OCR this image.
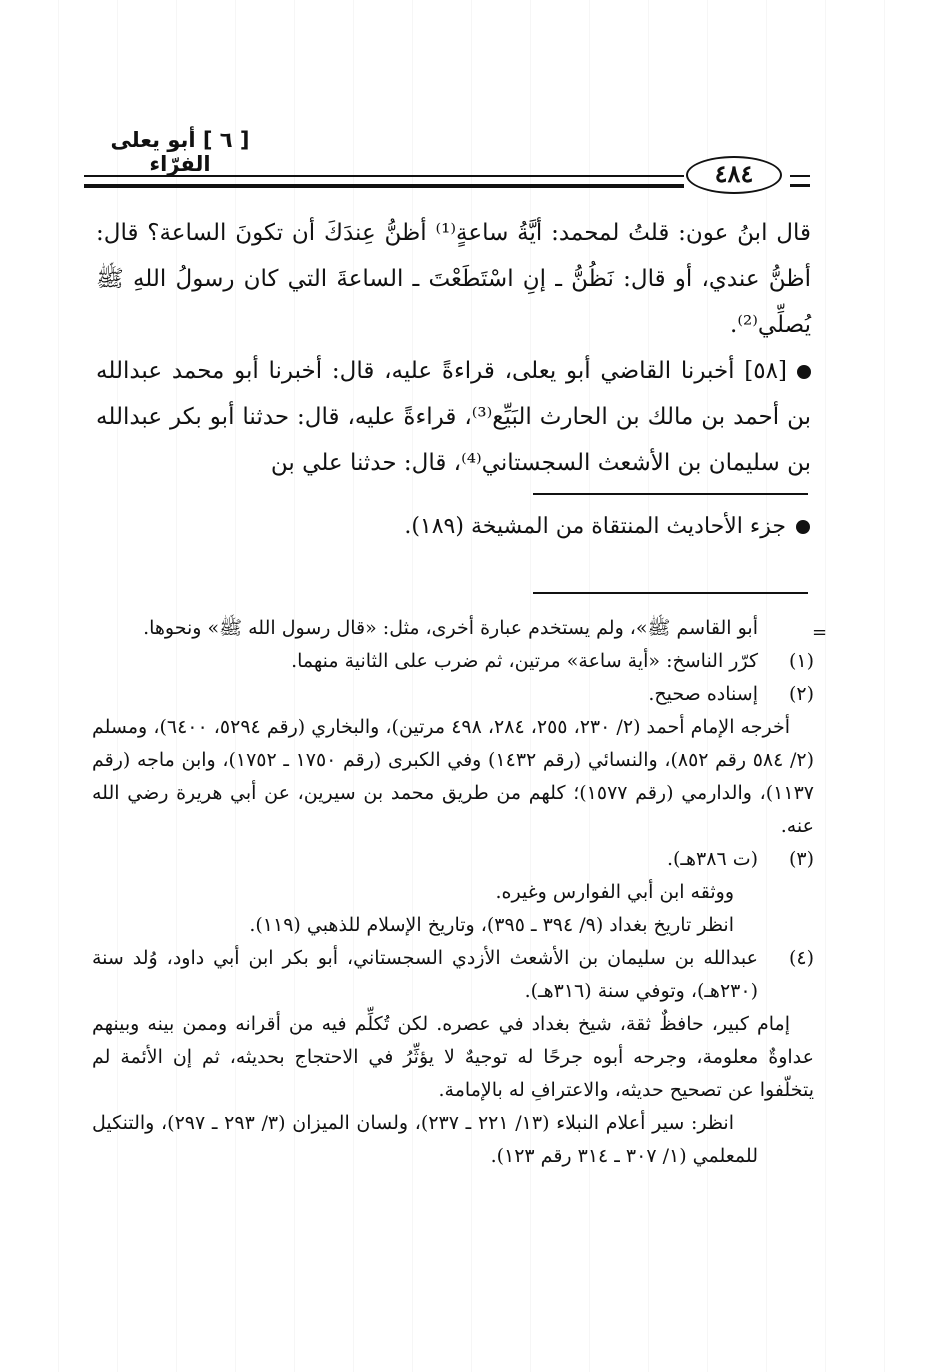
[ ٦ ] أبو يعلى الفرّاء	٤٨٤

قال ابنُ عون: قلتُ لمحمد: أيَّةُ ساعةٍ⁽¹⁾ أظنُّ عِندَكَ أن تكونَ الساعة؟ قال: أظنُّ عندي، أو قال: نَظُنُّ ـ إنِ اسْتَطَعْتَ ـ الساعةَ التي كان رسولُ اللهِ ﷺ يُصلِّي⁽²⁾.

[٥٨] أخبرنا القاضي أبو يعلى، قراءةً عليه، قال: أخبرنا أبو محمد عبدالله بن أحمد بن مالك بن الحارث البَيِّع⁽³⁾، قراءةً عليه، قال: حدثنا أبو بكر عبدالله بن سليمان بن الأشعث السجستاني⁽⁴⁾، قال: حدثنا علي بن

جزء الأحاديث المنتقاة من المشيخة (١٨٩).
=
أبو القاسم ﷺ»، ولم يستخدم عبارة أخرى، مثل: «قال رسول الله ﷺ» ونحوها.
(١)
كرّر الناسخ: «أية ساعة» مرتين، ثم ضرب على الثانية منهما.
(٢)
إسناده صحيح.
أخرجه الإمام أحمد (٢/ ٢٣٠، ٢٥٥، ٢٨٤، ٤٩٨ مرتين)، والبخاري (رقم ٥٢٩٤، ٦٤٠٠)، ومسلم (٢/ ٥٨٤ رقم ٨٥٢)، والنسائي (رقم ١٤٣٢) وفي الكبرى (رقم ١٧٥٠ ـ ١٧٥٢)، وابن ماجه (رقم ١١٣٧)، والدارمي (رقم ١٥٧٧)؛ كلهم من طريق محمد بن سيرين، عن أبي هريرة رضي الله عنه.
(٣)
(ت ٣٨٦هـ).
ووثقه ابن أبي الفوارس وغيره.
انظر تاريخ بغداد (٩/ ٣٩٤ ـ ٣٩٥)، وتاريخ الإسلام للذهبي (١١٩).
(٤)
عبدالله بن سليمان بن الأشعث الأزدي السجستاني، أبو بكر ابن أبي داود، وُلد سنة (٢٣٠هـ)، وتوفي سنة (٣١٦هـ).
إمام كبير، حافظٌ ثقة، شيخ بغداد في عصره. لكن تُكلِّم فيه من أقرانه وممن بينه وبينهم عداوةٌ معلومة، وجرحه أبوه جرحًا له توجيهٌ لا يؤثِّرُ في الاحتجاج بحديثه، ثم إن الأئمة لم يتخلّفوا عن تصحيح حديثه، والاعترافِ له بالإمامة.
انظر: سير أعلام النبلاء (١٣/ ٢٢١ ـ ٢٣٧)، ولسان الميزان (٣/ ٢٩٣ ـ ٢٩٧)، والتنكيل للمعلمي (١/ ٣٠٧ ـ ٣١٤ رقم ١٢٣).
